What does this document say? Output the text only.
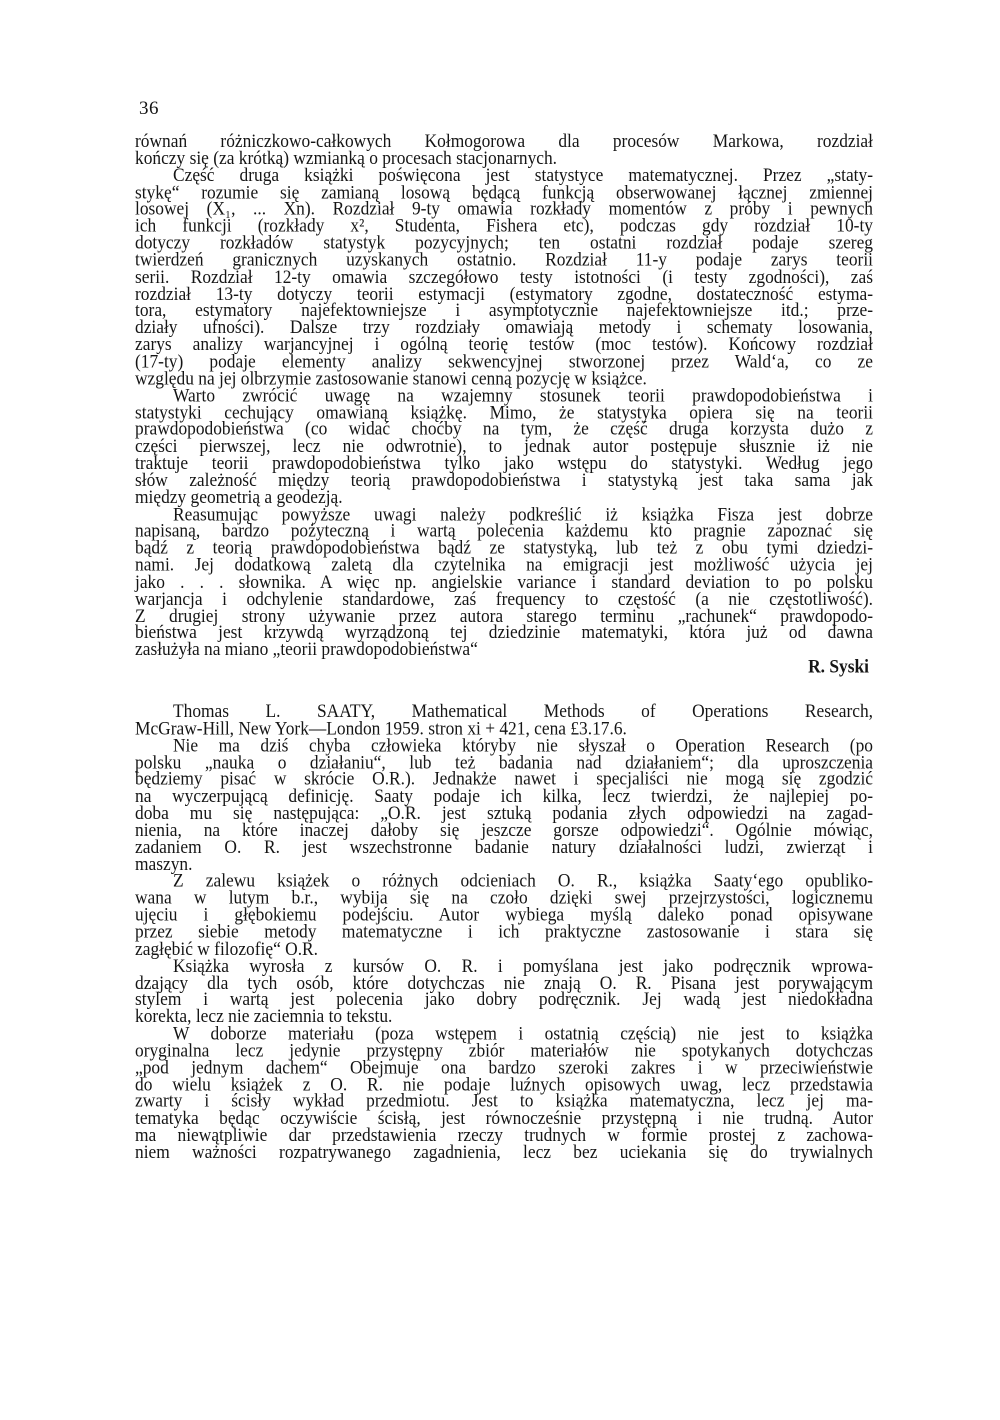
36
równań różniczkowo-całkowych Kołmogorowa dla procesów Markowa, rozdział
kończy się (za krótką) wzmianką o procesach stacjonarnych.
Część druga książki poświęcona jest statystyce matematycznej. Przez „staty-
stykę“ rozumie się zamianą losową będącą funkcją obserwowanej łącznej zmiennej
losowej (X₁, ... Xn). Rozdział 9-ty omawia rozkłady momentów z próby i pewnych
ich funkcji (rozkłady x², Studenta, Fishera etc), podczas gdy rozdział 10-ty
dotyczy rozkładów statystyk pozycyjnych; ten ostatni rozdział podaje szereg
twierdzeń granicznych uzyskanych ostatnio. Rozdział 11-y podaje zarys teorii
serii. Rozdział 12-ty omawia szczegółowo testy istotności (i testy zgodności), zaś
rozdział 13-ty dotyczy teorii estymacji (estymatory zgodne, dostateczność estyma-
tora, estymatory najefektowniejsze i asymptotycznie najefektowniejsze itd.; prze-
działy ufności). Dalsze trzy rozdziały omawiają metody i schematy losowania,
zarys analizy warjancyjnej i ogólną teorię testów (moc testów). Końcowy rozdział
(17-ty) podaje elementy analizy sekwencyjnej stworzonej przez Wald‘a, co ze
względu na jej olbrzymie zastosowanie stanowi cenną pozycję w książce.
Warto zwrócić uwagę na wzajemny stosunek teorii prawdopodobieństwa i
statystyki cechujący omawianą książkę. Mimo, że statystyka opiera się na teorii
prawdopodobieństwa (co widać choćby na tym, że część druga korzysta dużo z
części pierwszej, lecz nie odwrotnie), to jednak autor postępuje słusznie iż nie
traktuje teorii prawdopodobieństwa tylko jako wstępu do statystyki. Według jego
słów zależność między teorią prawdopodobieństwa i statystyką jest taka sama jak
między geometrią a geodezją.
Reasumując powyższe uwagi należy podkreślić iż książka Fisza jest dobrze
napisaną, bardzo pożyteczną i wartą polecenia każdemu kto pragnie zapoznać się
bądź z teorią prawdopodobieństwa bądź ze statystyką, lub też z obu tymi dziedzi-
nami. Jej dodatkową zaletą dla czytelnika na emigracji jest możliwość użycia jej
jako . . . słownika. A więc np. angielskie variance i standard deviation to po polsku
warjancja i odchylenie standardowe, zaś frequency to częstość (a nie częstotliwość).
Z drugiej strony używanie przez autora starego terminu „rachunek“ prawdopodo-
bieństwa jest krzywdą wyrządzoną tej dziedzinie matematyki, która już od dawna
zasłużyła na miano „teorii prawdopodobieństwa“
R. Syski
Thomas L. SAATY, Mathematical Methods of Operations Research,
McGraw-Hill, New York—London 1959. stron xi + 421, cena £3.17.6.
Nie ma dziś chyba człowieka któryby nie słyszał o Operation Research (po
polsku „nauka o działaniu“, lub też badania nad działaniem“; dla uproszczenia
będziemy pisać w skrócie O.R.). Jednakże nawet i specjaliści nie mogą się zgodzić
na wyczerpującą definicję. Saaty podaje ich kilka, lecz twierdzi, że najlepiej po-
doba mu się następująca: „O.R. jest sztuką podania złych odpowiedzi na zagad-
nienia, na które inaczej dałoby się jeszcze gorsze odpowiedzi“. Ogólnie mówiąc,
zadaniem O. R. jest wszechstronne badanie natury działalności ludzi, zwierząt i
maszyn.
Z zalewu książek o różnych odcieniach O. R., książka Saaty‘ego opubliko-
wana w lutym b.r., wybija się na czoło dzięki swej przejrzystości, logicznemu
ujęciu i głębokiemu podejściu. Autor wybiega myślą daleko ponad opisywane
przez siebie metody matematyczne i ich praktyczne zastosowanie i stara się
zagłębić w filozofię“ O.R.
Książka wyrosła z kursów O. R. i pomyślana jest jako podręcznik wprowa-
dzający dla tych osób, które dotychczas nie znają O. R. Pisana jest porywającym
stylem i wartą jest polecenia jako dobry podręcznik. Jej wadą jest niedokładna
korekta, lecz nie zaciemnia to tekstu.
W doborze materiału (poza wstępem i ostatnią częścią) nie jest to książka
oryginalna lecz jedynie przystępny zbiór materiałów nie spotykanych dotychczas
„pod jednym dachem“ Obejmuje ona bardzo szeroki zakres i w przeciwieństwie
do wielu książek z O. R. nie podaje luźnych opisowych uwag, lecz przedstawia
zwarty i ścisły wykład przedmiotu. Jest to książka matematyczna, lecz jej ma-
tematyka będąc oczywiście ścisłą, jest równocześnie przystępną i nie trudną. Autor
ma niewątpliwie dar przedstawienia rzeczy trudnych w formie prostej z zachowa-
niem ważności rozpatrywanego zagadnienia, lecz bez uciekania się do trywialnych
